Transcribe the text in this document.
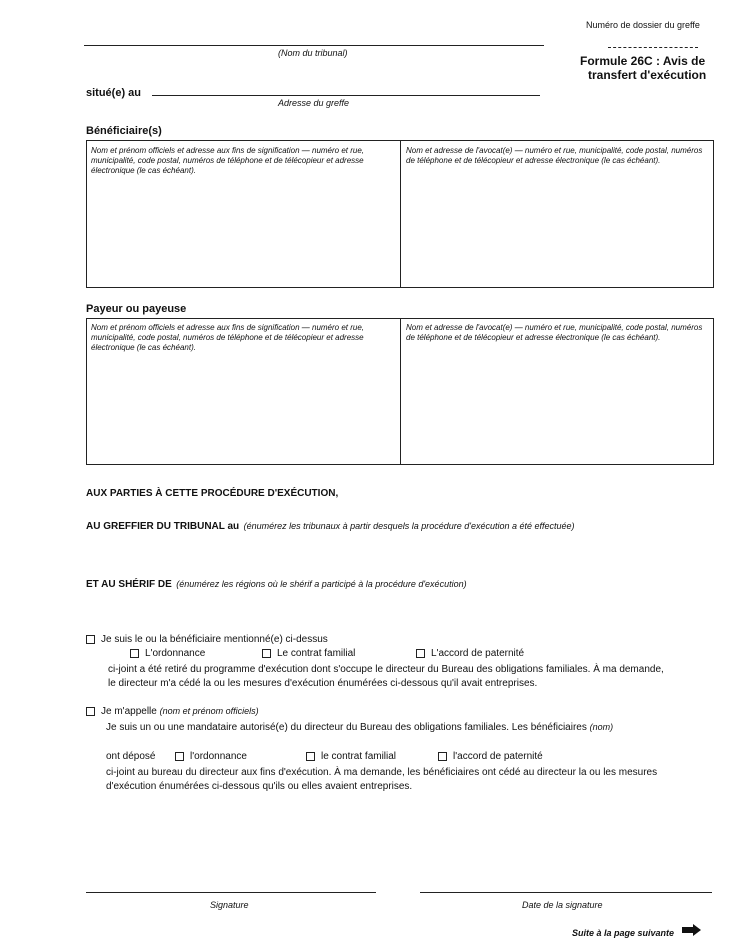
Numéro de dossier du greffe
(Nom du tribunal)
Formule 26C : Avis de
transfert d'exécution
situé(e) au
Adresse du greffe
Bénéficiaire(s)
Nom et prénom officiels et adresse aux fins de signification — numéro et rue, municipalité, code postal, numéros de téléphone et de télécopieur et adresse électronique (le cas échéant).
Nom et adresse de l'avocat(e) — numéro et rue, municipalité, code postal, numéros de téléphone et de télécopieur et adresse électronique (le cas échéant).
Payeur ou payeuse
Nom et prénom officiels et adresse aux fins de signification — numéro et rue, municipalité, code postal, numéros de téléphone et de télécopieur et adresse électronique (le cas échéant).
Nom et adresse de l'avocat(e) — numéro et rue, municipalité, code postal, numéros de téléphone et de télécopieur et adresse électronique (le cas échéant).
AUX PARTIES À CETTE PROCÉDURE D'EXÉCUTION,
AU GREFFIER DU TRIBUNAL au (énumérez les tribunaux à partir desquels la procédure d'exécution a été effectuée)
ET AU SHÉRIF DE (énumérez les régions où le shérif a participé à la procédure d'exécution)
Je suis le ou la bénéficiaire mentionné(e) ci-dessus
L'ordonnance	Le contrat familial	L'accord de paternité
ci-joint a été retiré du programme d'exécution dont s'occupe le directeur du Bureau des obligations familiales. À ma demande,
le directeur m'a cédé la ou les mesures d'exécution énumérées ci-dessous qu'il avait entreprises.
Je m'appelle (nom et prénom officiels)
Je suis un ou une mandataire autorisé(e) du directeur du Bureau des obligations familiales. Les bénéficiaires (nom)
ont déposé	l'ordonnance	le contrat familial	l'accord de paternité
ci-joint au bureau du directeur aux fins d'exécution. À ma demande, les bénéficiaires ont cédé au directeur la ou les mesures
d'exécution énumérées ci-dessous qu'ils ou elles avaient entreprises.
Signature	Date de la signature
Suite à la page suivante
